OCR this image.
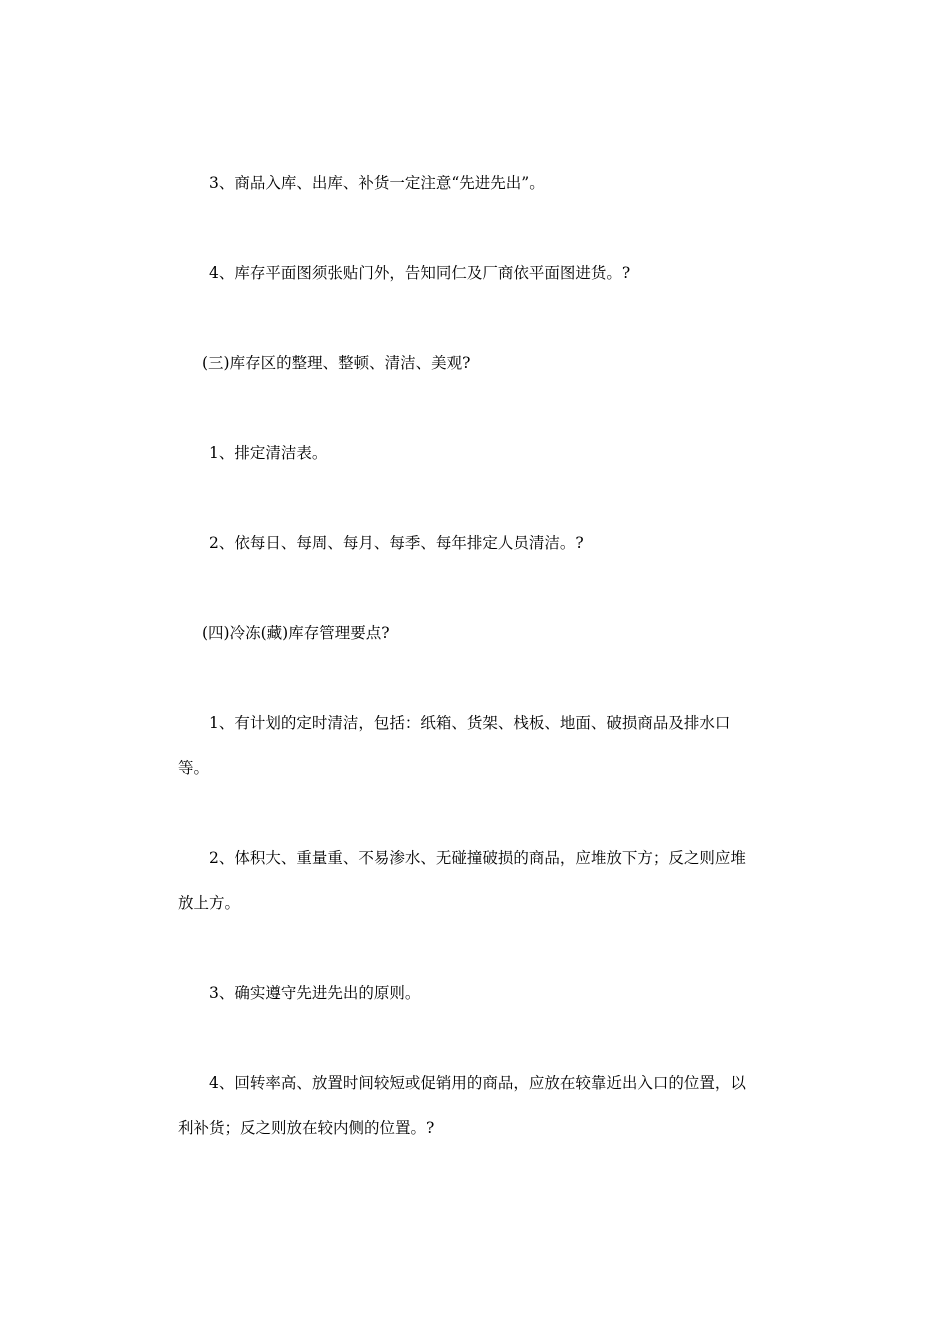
3、商品入库、出库、补货一定注意“先进先出”。

4、库存平面图须张贴门外，告知同仁及厂商依平面图进货。?

(三)库存区的整理、整顿、清洁、美观?

1、排定清洁表。

2、依每日、每周、每月、每季、每年排定人员清洁。?

(四)冷冻(藏)库存管理要点?

1、有计划的定时清洁，包括：纸箱、货架、栈板、地面、破损商品及排水口等。

2、体积大、重量重、不易渗水、无碰撞破损的商品，应堆放下方；反之则应堆放上方。

3、确实遵守先进先出的原则。

4、回转率高、放置时间较短或促销用的商品，应放在较靠近出入口的位置，以利补货；反之则放在较内侧的位置。?
